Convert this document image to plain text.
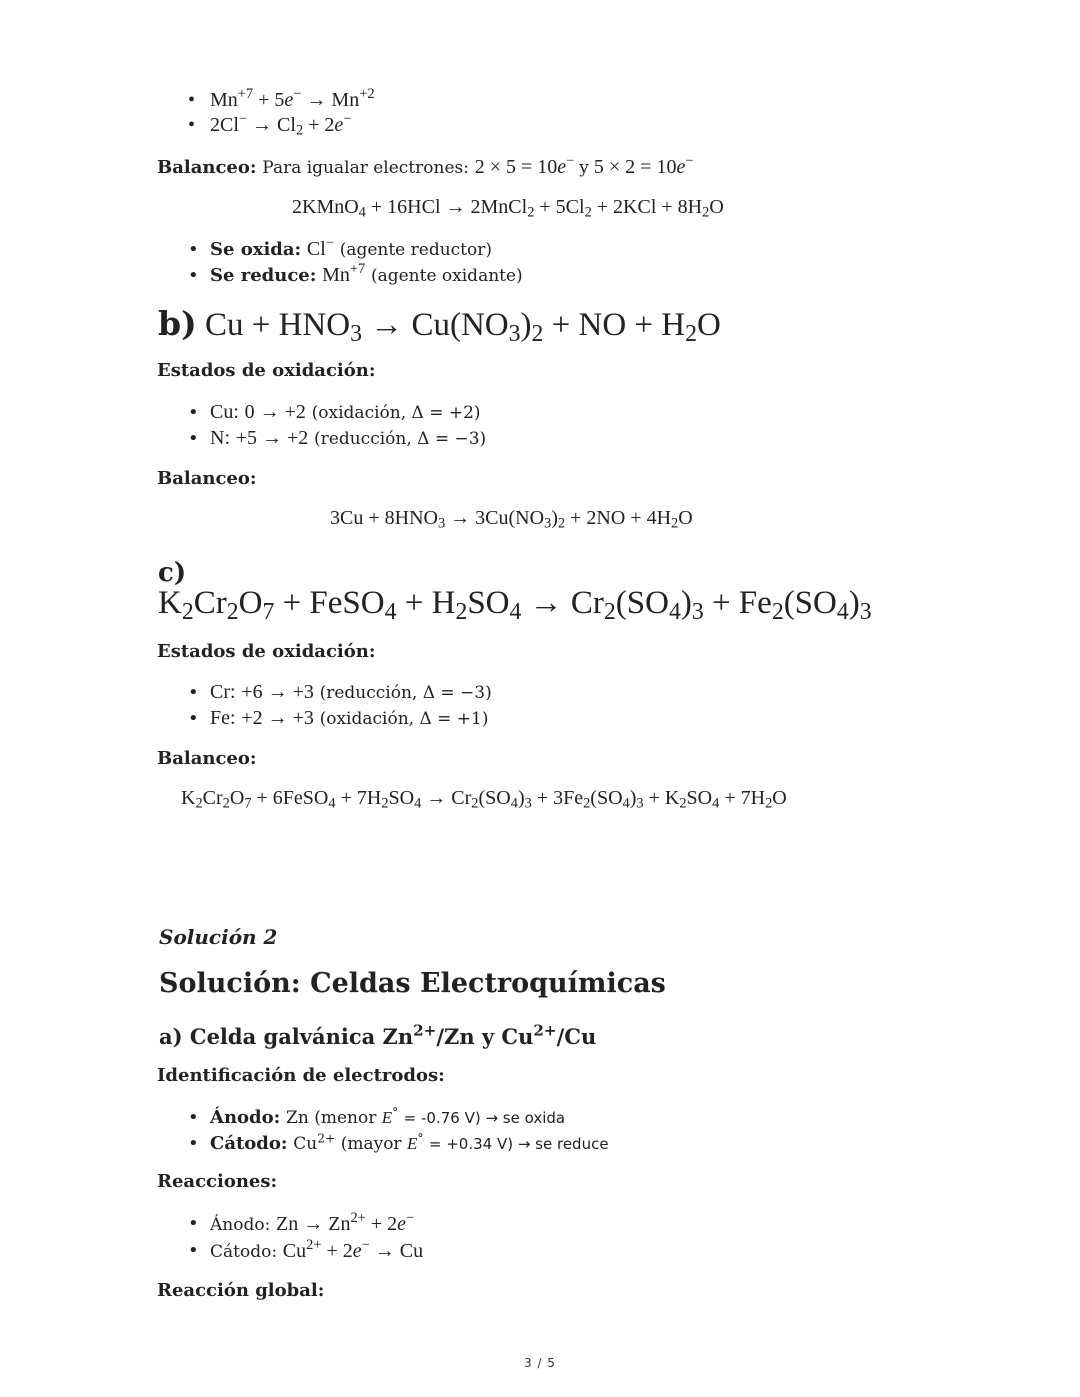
• $Mn^{+7} + 5e^- \to Mn^{+2}$
• $2Cl^- \to Cl_2 + 2e^-$
Balanceo: Para igualar electrones: 2 × 5 = 10e− y 5 × 2 = 10e−
2KMnO$_4$ + 16HCl → 2MnCl$_2$ + $5Cl_2 + 2KCl + 8H_2O$
• Se oxida: Cl− (agente reductor)
• Se reduce: $Mn^{+7}$ (agente oxidante)
b) $Cu + HNO_3 \to Cu(NO_3)_2$ + NO + $H_2O$
Estados de oxidación:
• Cu: 0 → +2 (oxidación, Δ = +2)
• N: +5 → +2 (reducción, Δ = −3)
Balanceo:
$3Cu + 8HNO_3 \to 3Cu(NO_3)_2 + 2NO + 4H_2O$
c)
$K_2Cr_2O_7$ + FeSO$_4$ + $H_2SO_4 \to Cr_2(SO_4)_3 + Fe_2(SO_4)_3$
Estados de oxidación:
• Cr: +6 → +3 (reducción, Δ = −3)
• Fe: +2 → +3 (oxidación, Δ = +1)
Balanceo:
$K_2Cr_2O_7$ + 6FeSO$_4$ + $7H_2SO_4 \to Cr_2(SO_4)_3 + 3Fe_2(SO_4)_3 + K_2SO_4 + 7H_2O$
Solución 2
Solución: Celdas Electroquímicas
a) Celda galvánica $Zn^{2+}/Zn$ y $Cu^{2+}/Cu$
Identificación de electrodos:
• Ánodo: Zn (menor E° = -0.76 V) → se oxida
• Cátodo: $Cu^{2+}$ (mayor E° = +0.34 V) → se reduce
Reacciones:
• Ánodo: $Zn \to Zn^{2+} + 2e^-$
• Cátodo: $Cu^{2+} + 2e^- \to Cu$
Reacción global:
3 / 5
